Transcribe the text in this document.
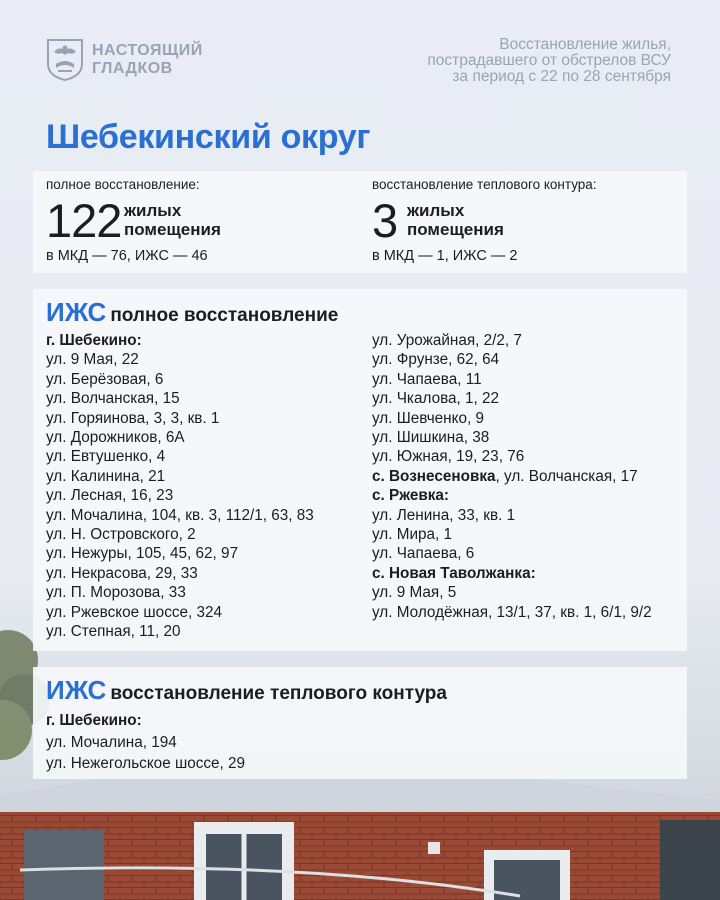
НАСТОЯЩИЙ
ГЛАДКОВ
Восстановление жилья,
пострадавшего от обстрелов ВСУ
за период с 22 по 28 сентября
Шебекинский округ
полное восстановление:
122 жилых
помещения
в МКД — 76, ИЖС — 46
восстановление теплового контура:
3 жилых
помещения
в МКД — 1, ИЖС — 2
ИЖС полное восстановление
г. Шебекино:
ул. 9 Мая, 22
ул. Берёзовая, 6
ул. Волчанская, 15
ул. Горяинова, 3, 3, кв. 1
ул. Дорожников, 6А
ул. Евтушенко, 4
ул. Калинина, 21
ул. Лесная, 16, 23
ул. Мочалина, 104, кв. 3, 112/1, 63, 83
ул. Н. Островского, 2
ул. Нежуры, 105, 45, 62, 97
ул. Некрасова, 29, 33
ул. П. Морозова, 33
ул. Ржевское шоссе, 324
ул. Степная, 11, 20
ул. Урожайная, 2/2, 7
ул. Фрунзе, 62, 64
ул. Чапаева, 11
ул. Чкалова, 1, 22
ул. Шевченко, 9
ул. Шишкина, 38
ул. Южная, 19, 23, 76
с. Вознесеновка, ул. Волчанская, 17
с. Ржевка:
ул. Ленина, 33, кв. 1
ул. Мира, 1
ул. Чапаева, 6
с. Новая Таволжанка:
ул. 9 Мая, 5
ул. Молодёжная, 13/1, 37, кв. 1, 6/1, 9/2
ИЖС восстановление теплового контура
г. Шебекино:
ул. Мочалина, 194
ул. Нежегольское шоссе, 29
